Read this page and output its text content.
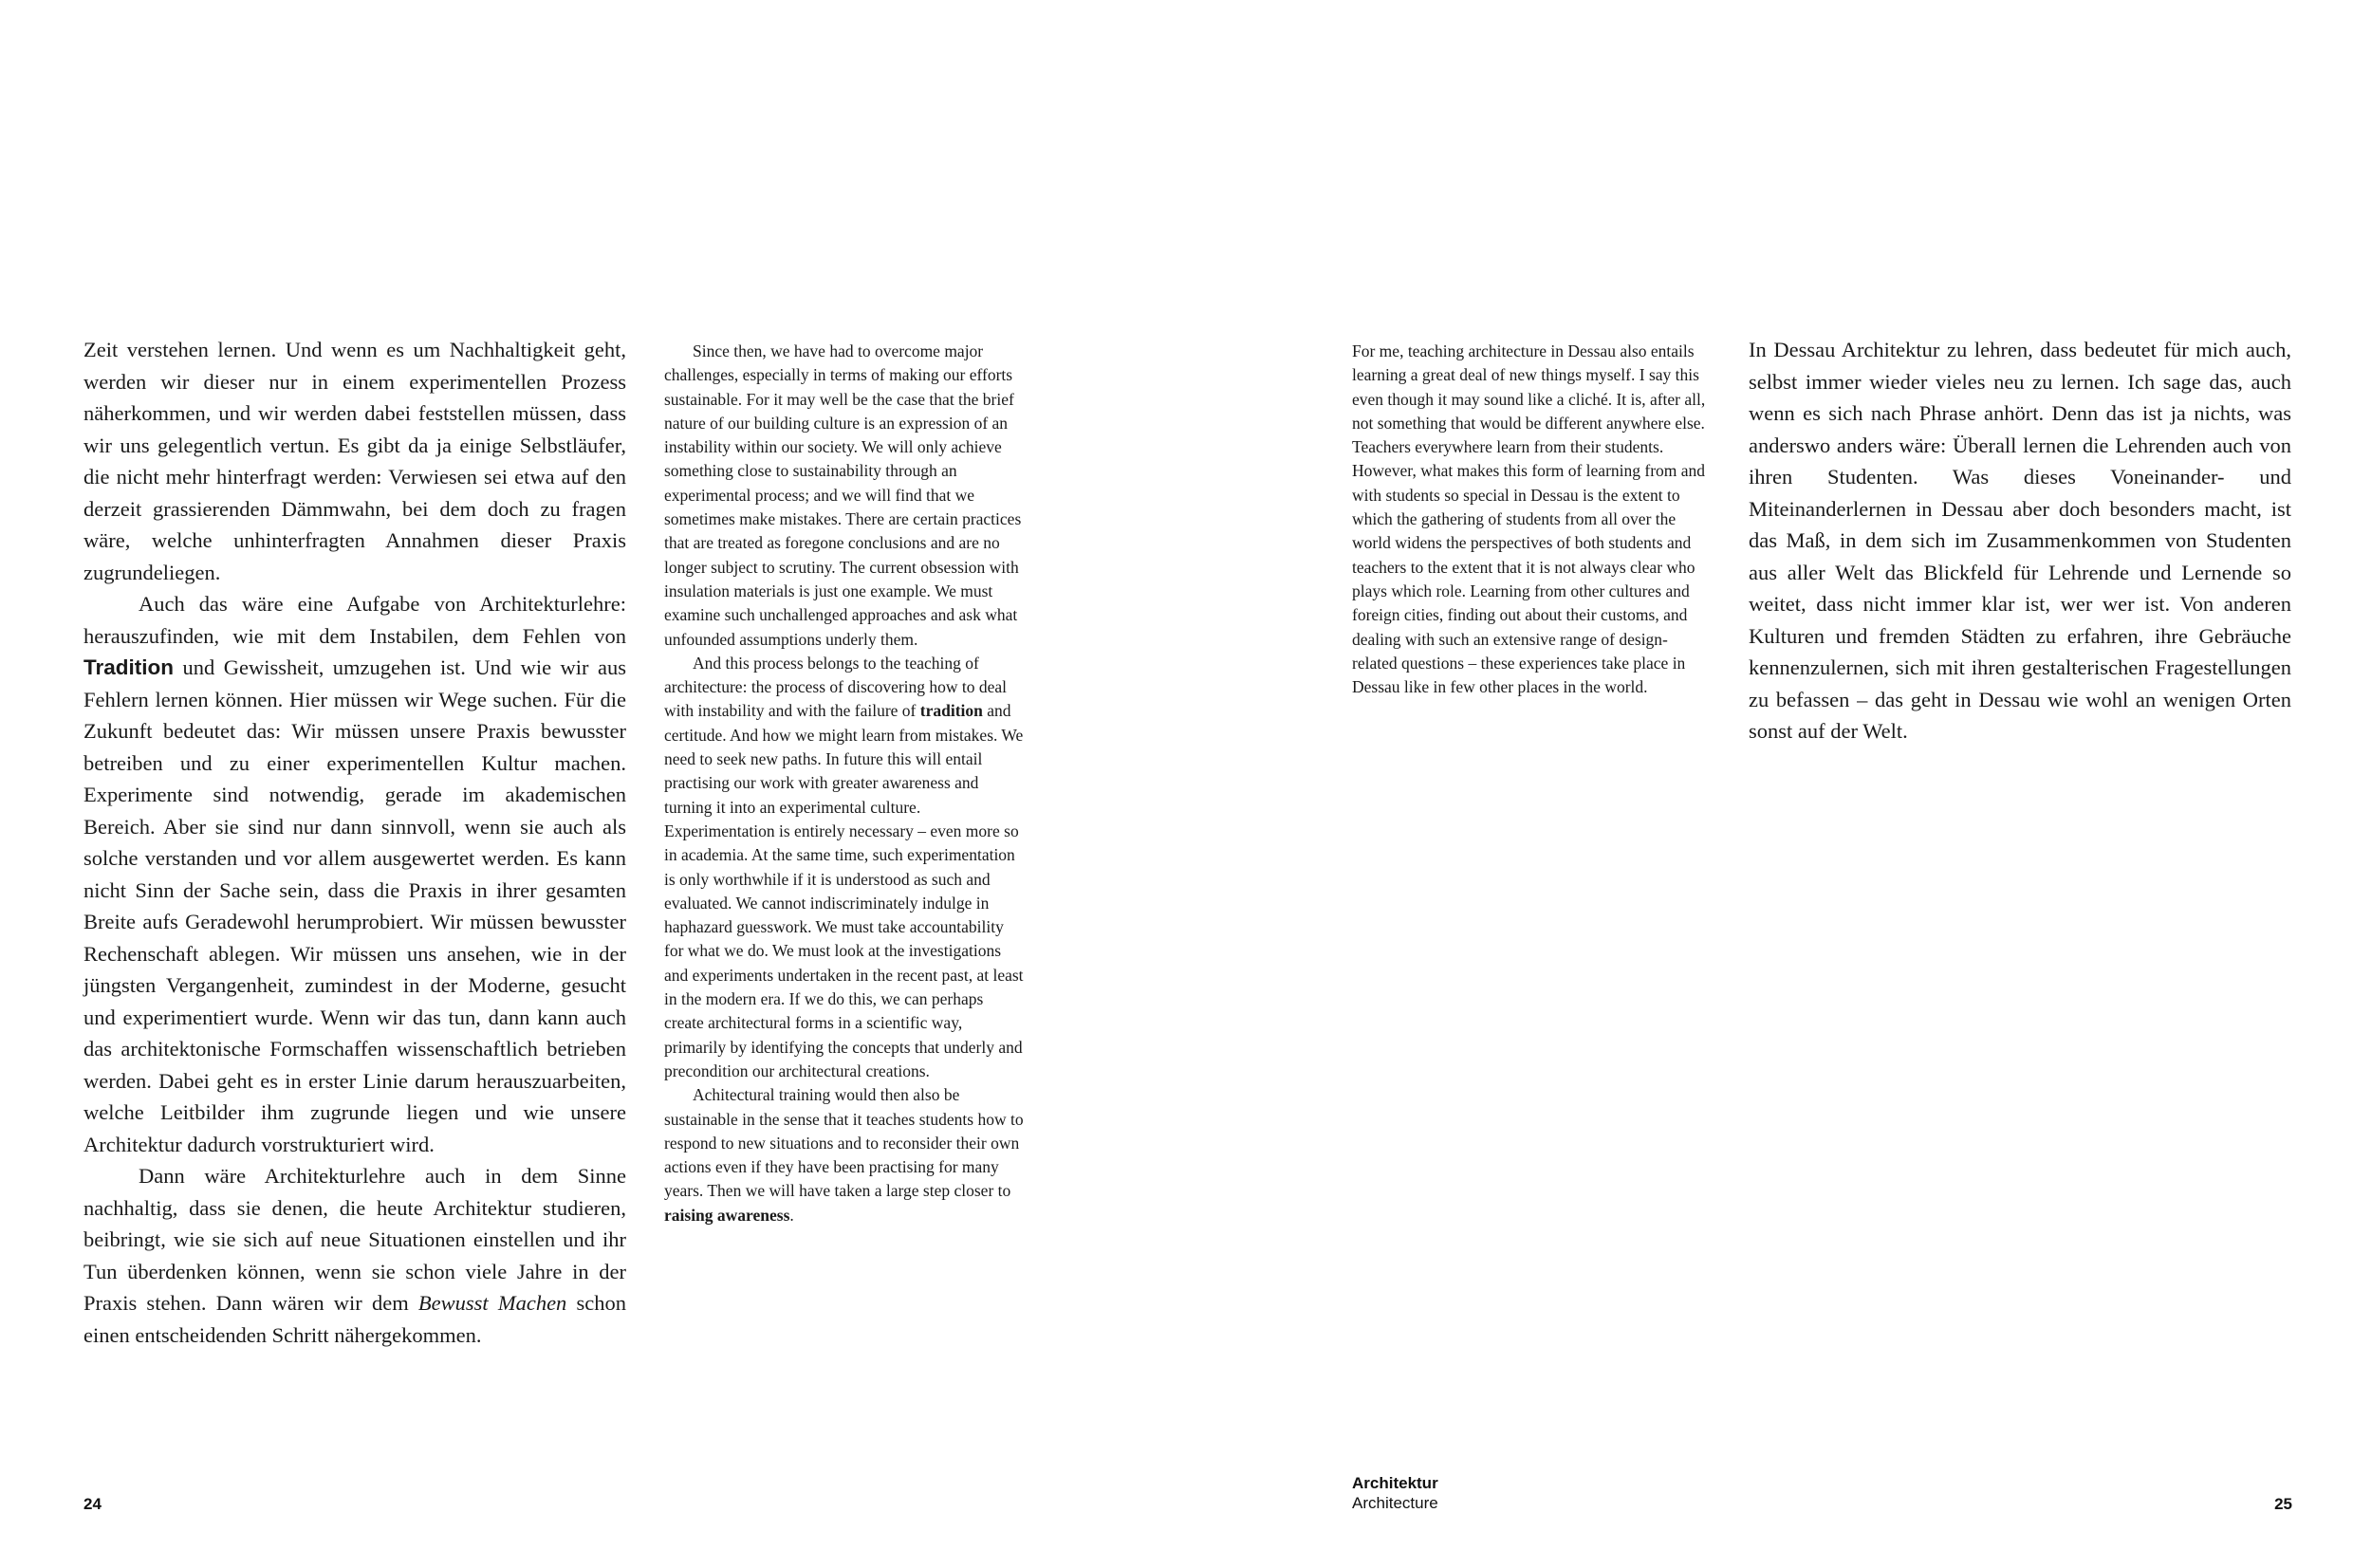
Zeit verstehen lernen. Und wenn es um Nachhaltigkeit geht, werden wir dieser nur in einem experimentellen Prozess näherkommen, und wir werden dabei feststellen müssen, dass wir uns gelegentlich vertun. Es gibt da ja einige Selbstläufer, die nicht mehr hinterfragt werden: Verwiesen sei etwa auf den derzeit grassierenden Dämmwahn, bei dem doch zu fragen wäre, welche unhinterfragten Annahmen dieser Praxis zugrundeliegen.

Auch das wäre eine Aufgabe von Architekturlehre: herauszufinden, wie mit dem Instabilen, dem Fehlen von Tradition und Gewissheit, umzugehen ist. Und wie wir aus Fehlern lernen können. Hier müssen wir Wege suchen. Für die Zukunft bedeutet das: Wir müssen unsere Praxis bewusster betreiben und zu einer experimentellen Kultur machen. Experimente sind notwendig, gerade im akademischen Bereich. Aber sie sind nur dann sinnvoll, wenn sie auch als solche verstanden und vor allem ausgewertet werden. Es kann nicht Sinn der Sache sein, dass die Praxis in ihrer gesamten Breite aufs Geradewohl herumprobiert. Wir müssen bewusster Rechenschaft ablegen. Wir müssen uns ansehen, wie in der jüngsten Vergangenheit, zumindest in der Moderne, gesucht und experimentiert wurde. Wenn wir das tun, dann kann auch das architektonische Formschaffen wissenschaftlich betrieben werden. Dabei geht es in erster Linie darum herauszuarbeiten, welche Leitbilder ihm zugrunde liegen und wie unsere Architektur dadurch vorstrukturiert wird.

Dann wäre Architekturlehre auch in dem Sinne nachhaltig, dass sie denen, die heute Architektur studieren, beibringt, wie sie sich auf neue Situationen einstellen und ihr Tun überdenken können, wenn sie schon viele Jahre in der Praxis stehen. Dann wären wir dem Bewusst Machen schon einen entscheidenden Schritt nähergekommen.

Since then, we have had to overcome major challenges, especially in terms of making our efforts sustainable. For it may well be the case that the brief nature of our building culture is an expression of an instability within our society. We will only achieve something close to sustainability through an experimental process; and we will find that we sometimes make mistakes. There are certain practices that are treated as foregone conclusions and are no longer subject to scrutiny. The current obsession with insulation materials is just one example. We must examine such unchallenged approaches and ask what unfounded assumptions underly them.

And this process belongs to the teaching of architecture: the process of discovering how to deal with instability and with the failure of tradition and certitude. And how we might learn from mistakes. We need to seek new paths. In future this will entail practising our work with greater awareness and turning it into an experimental culture. Experimentation is entirely necessary – even more so in academia. At the same time, such experimentation is only worthwhile if it is understood as such and evaluated. We cannot indiscriminately indulge in haphazard guesswork. We must take accountability for what we do. We must look at the investigations and experiments undertaken in the recent past, at least in the modern era. If we do this, we can perhaps create architectural forms in a scientific way, primarily by identifying the concepts that underly and precondition our architectural creations.

Achitectural training would then also be sustainable in the sense that it teaches students how to respond to new situations and to reconsider their own actions even if they have been practising for many years. Then we will have taken a large step closer to raising awareness.

For me, teaching architecture in Dessau also entails learning a great deal of new things myself. I say this even though it may sound like a cliché. It is, after all, not something that would be different anywhere else. Teachers everywhere learn from their students. However, what makes this form of learning from and with students so special in Dessau is the extent to which the gathering of students from all over the world widens the perspectives of both students and teachers to the extent that it is not always clear who plays which role. Learning from other cultures and foreign cities, finding out about their customs, and dealing with such an extensive range of design-related questions – these experiences take place in Dessau like in few other places in the world.

In Dessau Architektur zu lehren, dass bedeutet für mich auch, selbst immer wieder vieles neu zu lernen. Ich sage das, auch wenn es sich nach Phrase anhört. Denn das ist ja nichts, was anderswo anders wäre: Überall lernen die Lehrenden auch von ihren Studenten. Was dieses Voneinander- und Miteinanderlernen in Dessau aber doch besonders macht, ist das Maß, in dem sich im Zusammenkommen von Studenten aus aller Welt das Blickfeld für Lehrende und Lernende so weitet, dass nicht immer klar ist, wer wer ist. Von anderen Kulturen und fremden Städten zu erfahren, ihre Gebräuche kennenzulernen, sich mit ihren gestalterischen Fragestellungen zu befassen – das geht in Dessau wie wohl an wenigen Orten sonst auf der Welt.

24
Architektur
Architecture	25
